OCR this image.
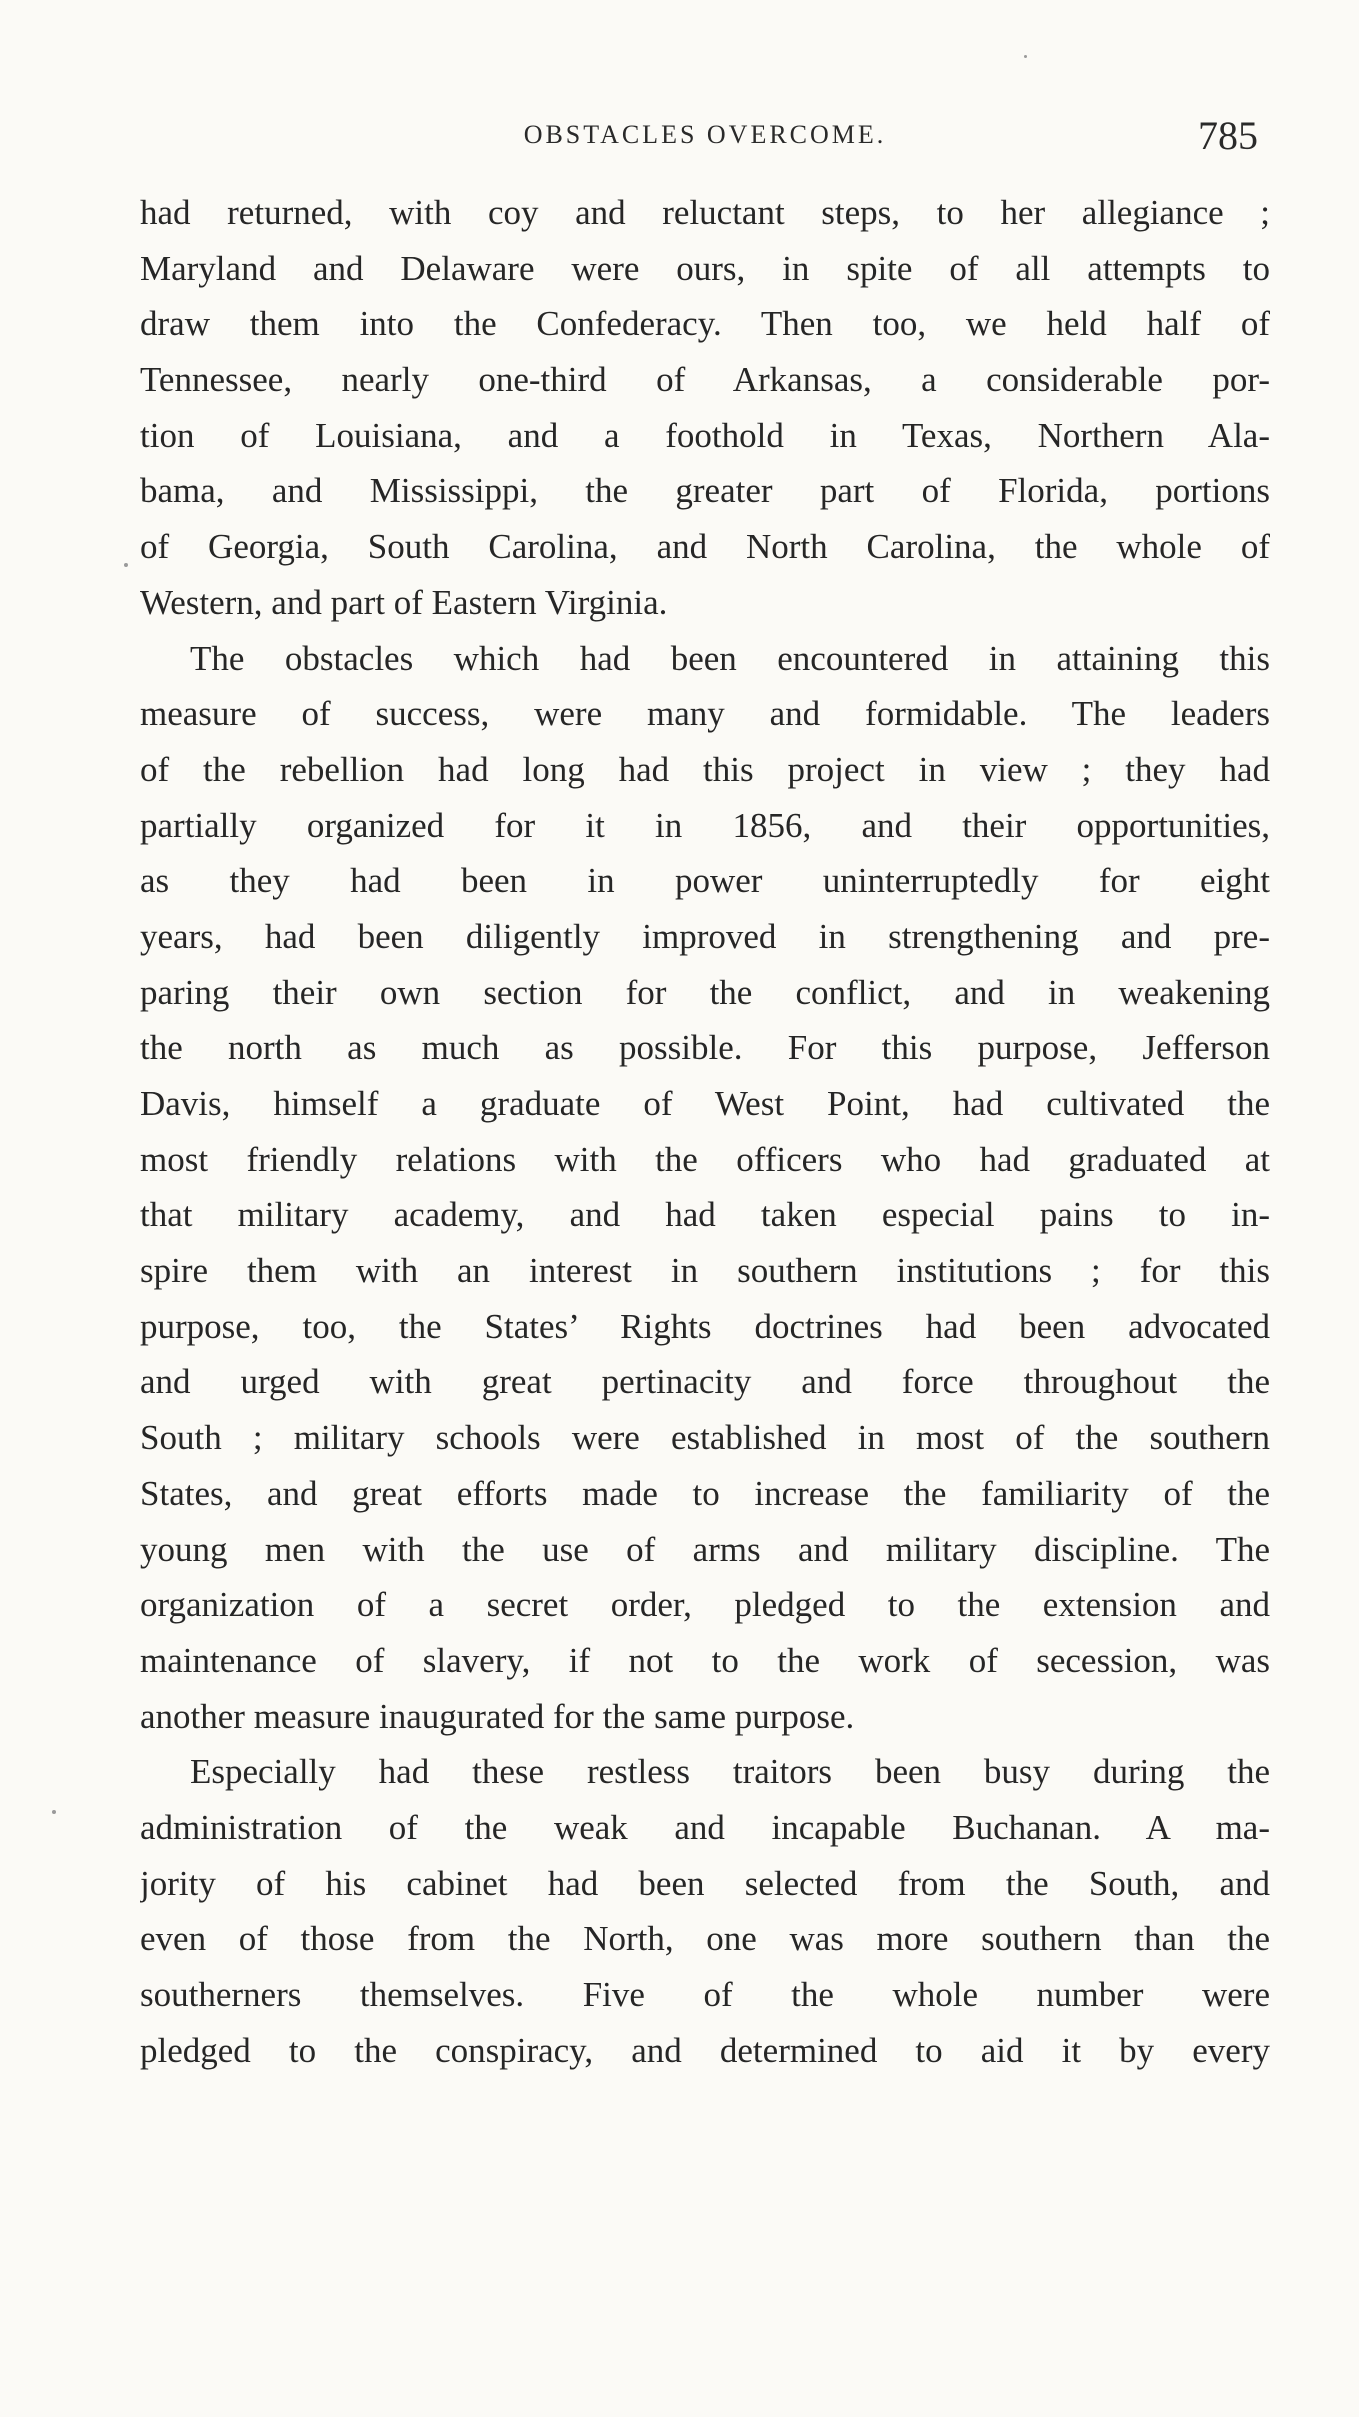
OBSTACLES OVERCOME.	785
had returned, with coy and reluctant steps, to her allegiance ;
Maryland and Delaware were ours, in spite of all attempts to
draw them into the Confederacy. Then too, we held half of
Tennessee, nearly one-third of Arkansas, a considerable por-
tion of Louisiana, and a foothold in Texas, Northern Ala-
bama, and Mississippi, the greater part of Florida, portions
of Georgia, South Carolina, and North Carolina, the whole of
Western, and part of Eastern Virginia.
The obstacles which had been encountered in attaining this
measure of success, were many and formidable. The leaders
of the rebellion had long had this project in view ; they had
partially organized for it in 1856, and their opportunities,
as they had been in power uninterruptedly for eight
years, had been diligently improved in strengthening and pre-
paring their own section for the conflict, and in weakening
the north as much as possible. For this purpose, Jefferson
Davis, himself a graduate of West Point, had cultivated the
most friendly relations with the officers who had graduated at
that military academy, and had taken especial pains to in-
spire them with an interest in southern institutions ; for this
purpose, too, the States’ Rights doctrines had been advocated
and urged with great pertinacity and force throughout the
South ; military schools were established in most of the southern
States, and great efforts made to increase the familiarity of the
young men with the use of arms and military discipline. The
organization of a secret order, pledged to the extension and
maintenance of slavery, if not to the work of secession, was
another measure inaugurated for the same purpose.
Especially had these restless traitors been busy during the
administration of the weak and incapable Buchanan. A ma-
jority of his cabinet had been selected from the South, and
even of those from the North, one was more southern than the
southerners themselves. Five of the whole number were
pledged to the conspiracy, and determined to aid it by every
